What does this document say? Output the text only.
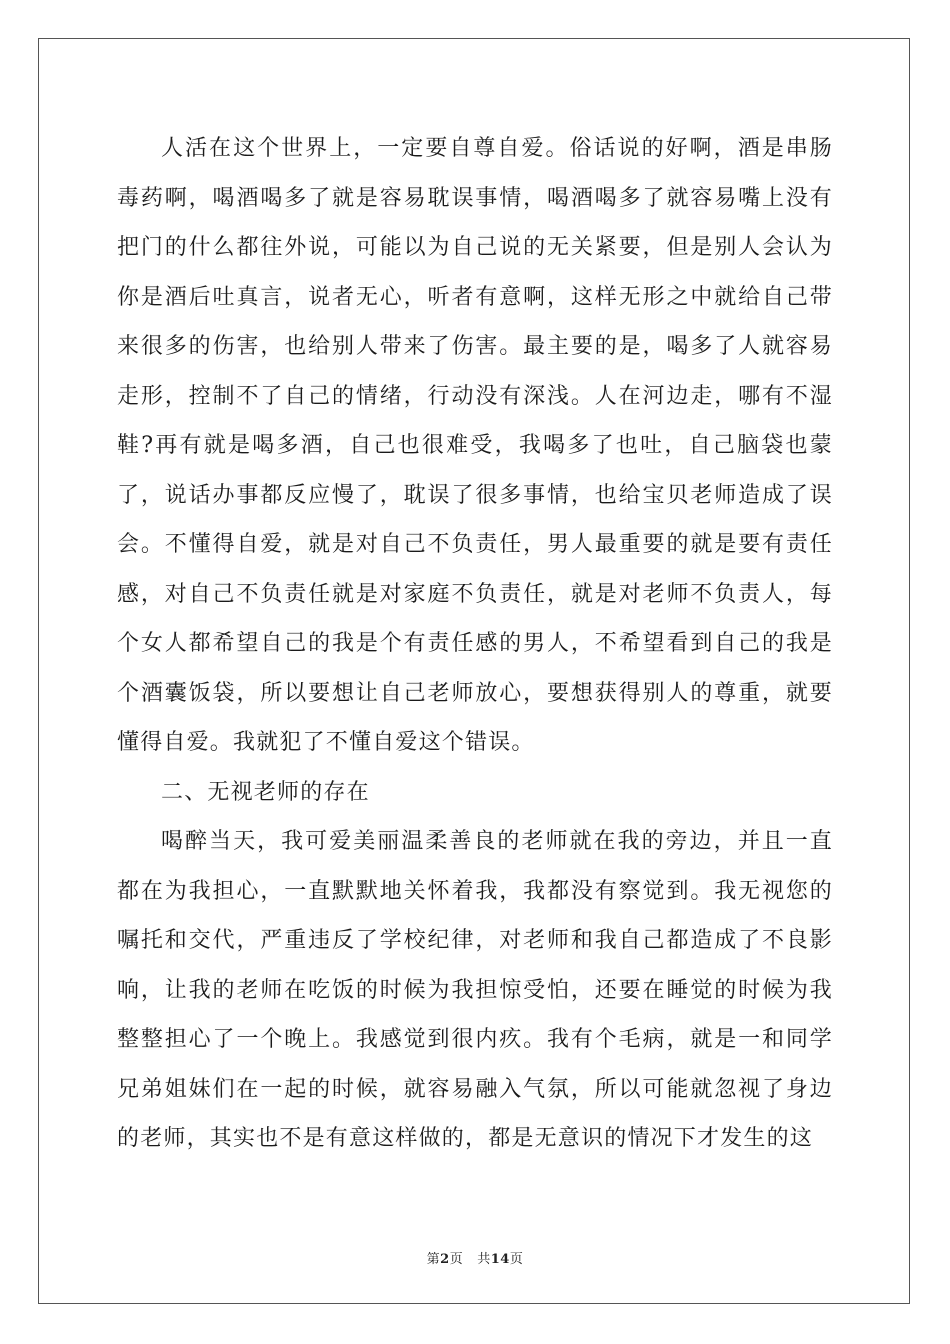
人活在这个世界上，一定要自尊自爱。俗话说的好啊，酒是串肠毒药啊，喝酒喝多了就是容易耽误事情，喝酒喝多了就容易嘴上没有把门的什么都往外说，可能以为自己说的无关紧要，但是别人会认为你是酒后吐真言，说者无心，听者有意啊，这样无形之中就给自己带来很多的伤害，也给别人带来了伤害。最主要的是，喝多了人就容易走形，控制不了自己的情绪，行动没有深浅。人在河边走，哪有不湿鞋?再有就是喝多酒，自己也很难受，我喝多了也吐，自己脑袋也蒙了，说话办事都反应慢了，耽误了很多事情，也给宝贝老师造成了误会。不懂得自爱，就是对自己不负责任，男人最重要的就是要有责任感，对自己不负责任就是对家庭不负责任，就是对老师不负责人，每个女人都希望自己的我是个有责任感的男人，不希望看到自己的我是个酒囊饭袋，所以要想让自己老师放心，要想获得别人的尊重，就要懂得自爱。我就犯了不懂自爱这个错误。

二、无视老师的存在

喝醉当天，我可爱美丽温柔善良的老师就在我的旁边，并且一直都在为我担心，一直默默地关怀着我，我都没有察觉到。我无视您的嘱托和交代，严重违反了学校纪律，对老师和我自己都造成了不良影响，让我的老师在吃饭的时候为我担惊受怕，还要在睡觉的时候为我整整担心了一个晚上。我感觉到很内疚。我有个毛病，就是一和同学兄弟姐妹们在一起的时候，就容易融入气氛，所以可能就忽视了身边的老师，其实也不是有意这样做的，都是无意识的情况下才发生的这

第2页 共14页
